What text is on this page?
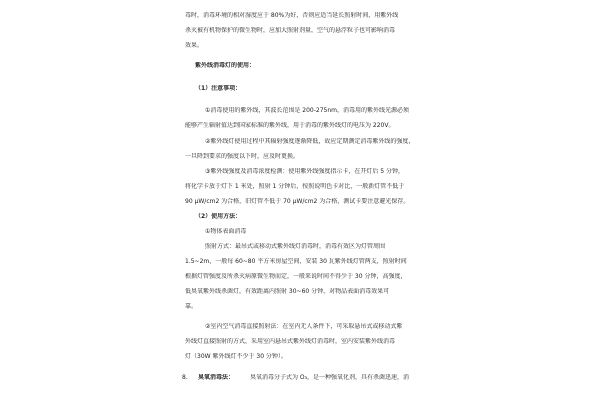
毒时，消毒环境的相对湿度应于 80%为好，否则应适当延长照射时间，用紫外线
杀灭被有机物保护的微生物时，应加大照射剂量，空气的悬浮粒子也可影响消毒
效果。
紫外线消毒灯的使用：
（1）注意事项：
①消毒使用的紫外线，其波长范围是 200-275nm，消毒用的紫外线光源必须
能够产生辐射值达到国家标准的紫外线，用于消毒的紫外线灯的电压为 220V。
②紫外线灯使用过程中其辐射强度逐渐降低，故应定期测定消毒紫外线的强度，
一旦降到要求的强度以下时，应及时更换。
③紫外线强度及消毒浓度检测：使用紫外线强度指示卡，在开灯后 5 分钟，
将化学卡放于灯下 1 米处，照射 1 分钟后，按照说明色卡对比，一般新灯管不低于
90 μW/cm2 为合格，旧灯管不低于 70 μW/cm2 为合格，测试卡要注意避光保存。
（2）使用方法：
①物体表面消毒
照射方式：最吊式或移动式紫外线灯消毒时，消毒有效区为灯管周围
1.5~2m，一般每 60~80 平方米房屋空间，安装 30 瓦紫外线灯管两支，照射时间
根据灯管强度及所杀灭病原微生物而定，一般来说时间不得少于 30 分钟，高强度，
低臭氧紫外线杀菌灯，有效距离内照射 30~60 分钟，对物品表面消毒效果可
靠。
②室内空气消毒直接照射法：在室内无人条件下，可采取悬吊式或移动式紫
外线灯直接照射的方式，采用室内悬吊式紫外线灯消毒时，室内安装紫外线消毒
灯（30W 紫外线灯不少于 30 分钟）。
8.	臭氧消毒法：	臭氧消毒分子式为 O₃，是一种强氧化剂，具有杀菌迅速，消
